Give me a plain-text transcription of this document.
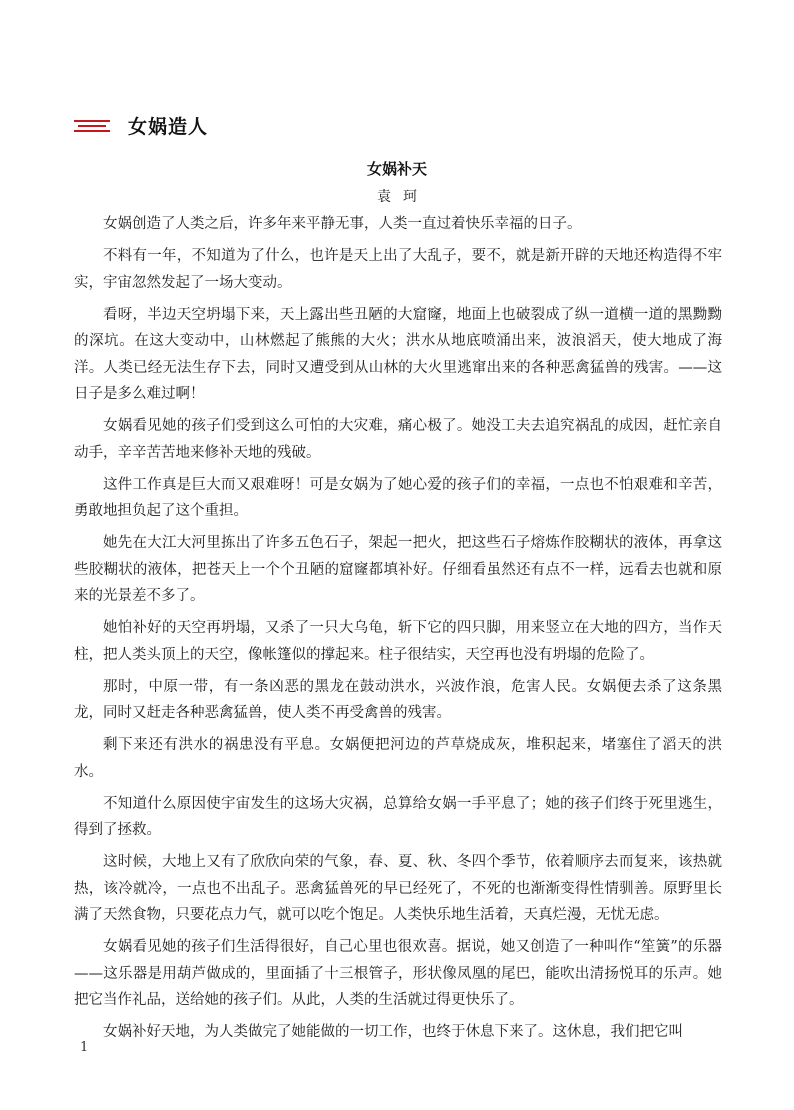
女娲造人
女娲补天
袁珂

女娲创造了人类之后，许多年来平静无事，人类一直过着快乐幸福的日子。

不料有一年，不知道为了什么，也许是天上出了大乱子，要不，就是新开辟的天地还构造得不牢实，宇宙忽然发起了一场大变动。

看呀，半边天空坍塌下来，天上露出些丑陋的大窟窿，地面上也破裂成了纵一道横一道的黑黝黝的深坑。在这大变动中，山林燃起了熊熊的大火；洪水从地底喷涌出来，波浪滔天，使大地成了海洋。人类已经无法生存下去，同时又遭受到从山林的大火里逃窜出来的各种恶禽猛兽的残害。——这日子是多么难过啊！

女娲看见她的孩子们受到这么可怕的大灾难，痛心极了。她没工夫去追究祸乱的成因，赶忙亲自动手，辛辛苦苦地来修补天地的残破。

这件工作真是巨大而又艰难呀！可是女娲为了她心爱的孩子们的幸福，一点也不怕艰难和辛苦，勇敢地担负起了这个重担。

她先在大江大河里拣出了许多五色石子，架起一把火，把这些石子熔炼作胶糊状的液体，再拿这些胶糊状的液体，把苍天上一个个丑陋的窟窿都填补好。仔细看虽然还有点不一样，远看去也就和原来的光景差不多了。

她怕补好的天空再坍塌，又杀了一只大乌龟，斩下它的四只脚，用来竖立在大地的四方，当作天柱，把人类头顶上的天空，像帐篷似的撑起来。柱子很结实，天空再也没有坍塌的危险了。

那时，中原一带，有一条凶恶的黑龙在鼓动洪水，兴波作浪，危害人民。女娲便去杀了这条黑龙，同时又赶走各种恶禽猛兽，使人类不再受禽兽的残害。

剩下来还有洪水的祸患没有平息。女娲便把河边的芦草烧成灰，堆积起来，堵塞住了滔天的洪水。

不知道什么原因使宇宙发生的这场大灾祸，总算给女娲一手平息了；她的孩子们终于死里逃生，得到了拯救。

这时候，大地上又有了欣欣向荣的气象，春、夏、秋、冬四个季节，依着顺序去而复来，该热就热，该冷就冷，一点也不出乱子。恶禽猛兽死的早已经死了，不死的也渐渐变得性情驯善。原野里长满了天然食物，只要花点力气，就可以吃个饱足。人类快乐地生活着，天真烂漫，无忧无虑。

女娲看见她的孩子们生活得很好，自己心里也很欢喜。据说，她又创造了一种叫作“笙簧”的乐器——这乐器是用葫芦做成的，里面插了十三根管子，形状像凤凰的尾巴，能吹出清扬悦耳的乐声。她把它当作礼品，送给她的孩子们。从此，人类的生活就过得更快乐了。

女娲补好天地，为人类做完了她能做的一切工作，也终于休息下来了。这休息，我们把它叫

1
